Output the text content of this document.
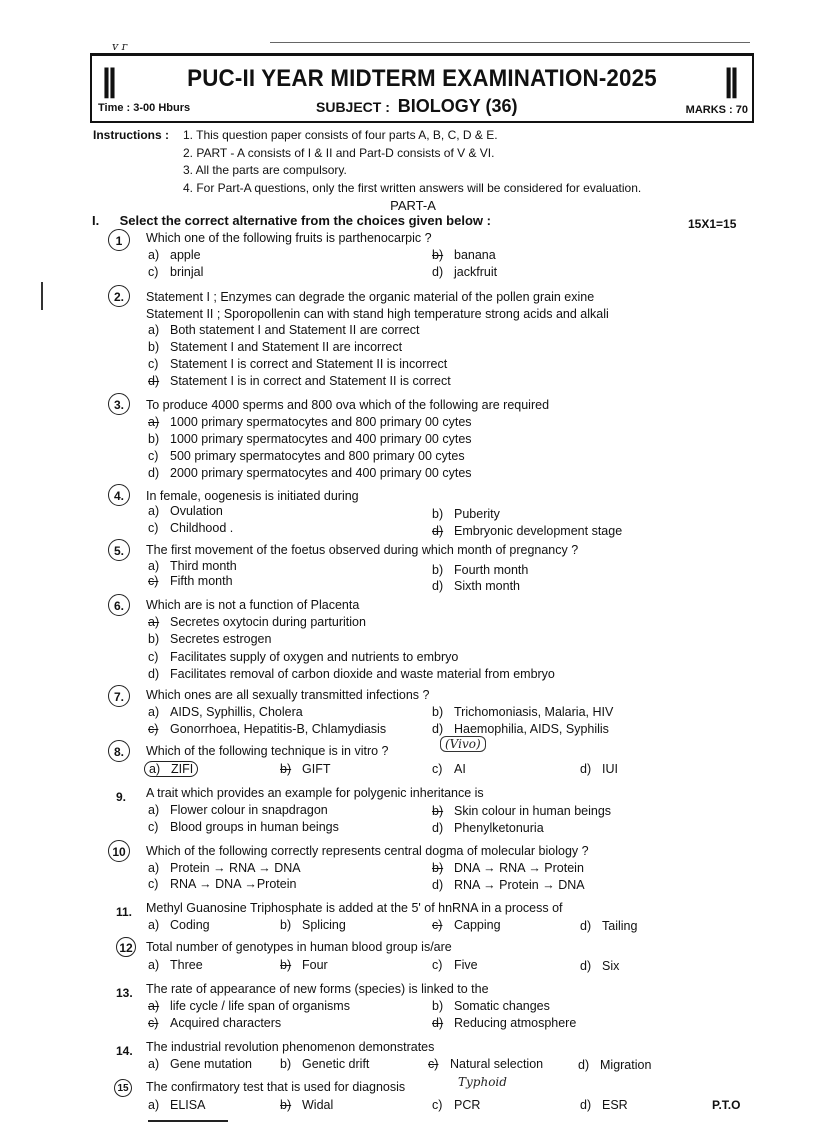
ᴠ ᴦ
||	PUC-II YEAR MIDTERM EXAMINATION-2025	||
Time : 3-00 Hburs	SUBJECT : BIOLOGY (36)	MARKS : 70
Instructions :	1. This question paper consists of four parts A, B, C, D & E.
2. PART - A consists of I & II and Part-D consists of V & VI.
3. All the parts are compulsory.
4. For Part-A questions, only the first written answers will be considered for evaluation.
PART-A
I. Select the correct alternative from the choices given below :	15X1=15
1	Which one of the following fruits is parthenocarpic ?
a) apple	b) banana
c) brinjal	d) jackfruit
2.	Statement I ; Enzymes can degrade the organic material of the pollen grain exine
Statement II ; Sporopollenin can with stand high temperature strong acids and alkali
a) Both statement I and Statement II are correct
b) Statement I and Statement II are incorrect
c) Statement I is correct and Statement II is incorrect
d) Statement I is in correct and Statement II is correct
3.	To produce 4000 sperms and 800 ova which of the following are required
a) 1000 primary spermatocytes and 800 primary 00 cytes
b) 1000 primary spermatocytes and 400 primary 00 cytes
c) 500 primary spermatocytes and 800 primary 00 cytes
d) 2000 primary spermatocytes and 400 primary 00 cytes
4.	In female, oogenesis is initiated during
a) Ovulation	b) Puberity
c) Childhood .	d) Embryonic development stage
5.	The first movement of the foetus observed during which month of pregnancy ?
a) Third month	b) Fourth month
c) Fifth month	d) Sixth month
6.	Which are is not a function of Placenta
a) Secretes oxytocin during parturition
b) Secretes estrogen
c) Facilitates supply of oxygen and nutrients to embryo
d) Facilitates removal of carbon dioxide and waste material from embryo
7.	Which ones are all sexually transmitted infections ?
a) AIDS, Syphillis, Cholera	b) Trichomoniasis, Malaria, HIV
c) Gonorrhoea, Hepatitis-B, Chlamydiasis	d) Haemophilia, AIDS, Syphilis
8.	Which of the following technique is in vitro ?	(Vivo)
a) ZIFI	b) GIFT	c) AI	d) IUI
9.	A trait which provides an example for polygenic inheritance is
a) Flower colour in snapdragon	b) Skin colour in human beings
c) Blood groups in human beings	d) Phenylketonuria
10	Which of the following correctly represents central dogma of molecular biology ?
a) Protein → RNA → DNA	b) DNA → RNA → Protein
c) RNA → DNA →Protein	d) RNA → Protein → DNA
11.	Methyl Guanosine Triphosphate is added at the 5' of hnRNA in a process of
a) Coding	b) Splicing	c) Capping	d) Tailing
12 Total number of genotypes in human blood group is/are
a) Three	b) Four	c) Five	d) Six
13. The rate of appearance of new forms (species) is linked to the
a) life cycle / life span of organisms	b) Somatic changes
c) Acquired characters	d) Reducing atmosphere
14. The industrial revolution phenomenon demonstrates
a) Gene mutation b) Genetic drift	c) Natural selection	d) Migration
15 The confirmatory test that is used for diagnosis	Typhoid
a) ELISA	b) Widal	c) PCR	d) ESR	P.T.O
